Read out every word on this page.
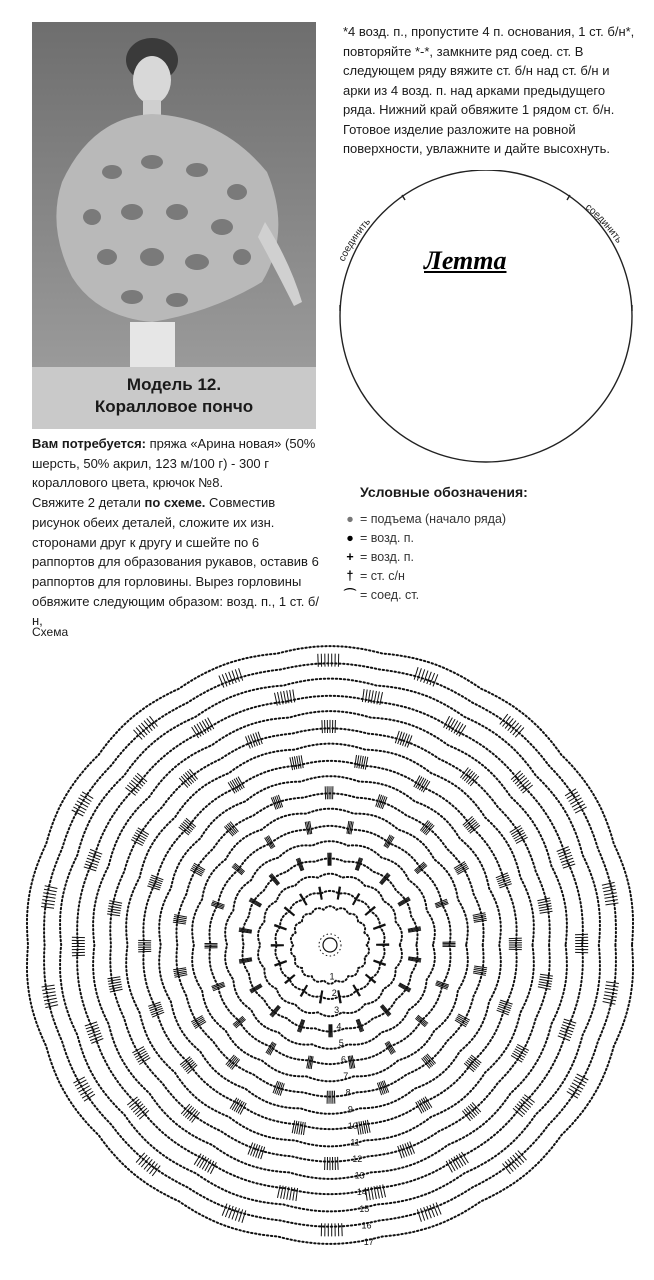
Модель 12.
Коралловое пончо
Вам потребуется: пряжа «Арина новая» (50% шерсть, 50% акрил, 123 м/100 г) - 300 г кораллового цвета, крючок №8.
Свяжите 2 детали по схеме. Совместив рисунок обеих деталей, сложите их изн. сторонами друг к другу и сшейте по 6 раппортов для образования рукавов, оставив 6 раппортов для горловины. Вырез горловины обвяжите следующим образом: возд. п., 1 ст. б/н,
*4 возд. п., пропустите 4 п. основания, 1 ст. б/н*, повторяйте *-*, замкните ряд соед. ст. В следующем ряду вяжите ст. б/н над ст. б/н и арки из 4 возд. п. над арками предыдущего ряда. Нижний край обвяжите 1 рядом ст. б/н. Готовое изделие разложите на ровной поверхности, увлажните и дайте высохнуть.
соединить
соединить
Летта
Условные обозначения:
● = подъема (начало ряда)
● = возд. п.
+ = возд. п.
† = ст. с/н
⌒ = соед. ст.
Схема
1
2
3
4
5
6
7
8
9
10
11
12
13
14
15
16
17
